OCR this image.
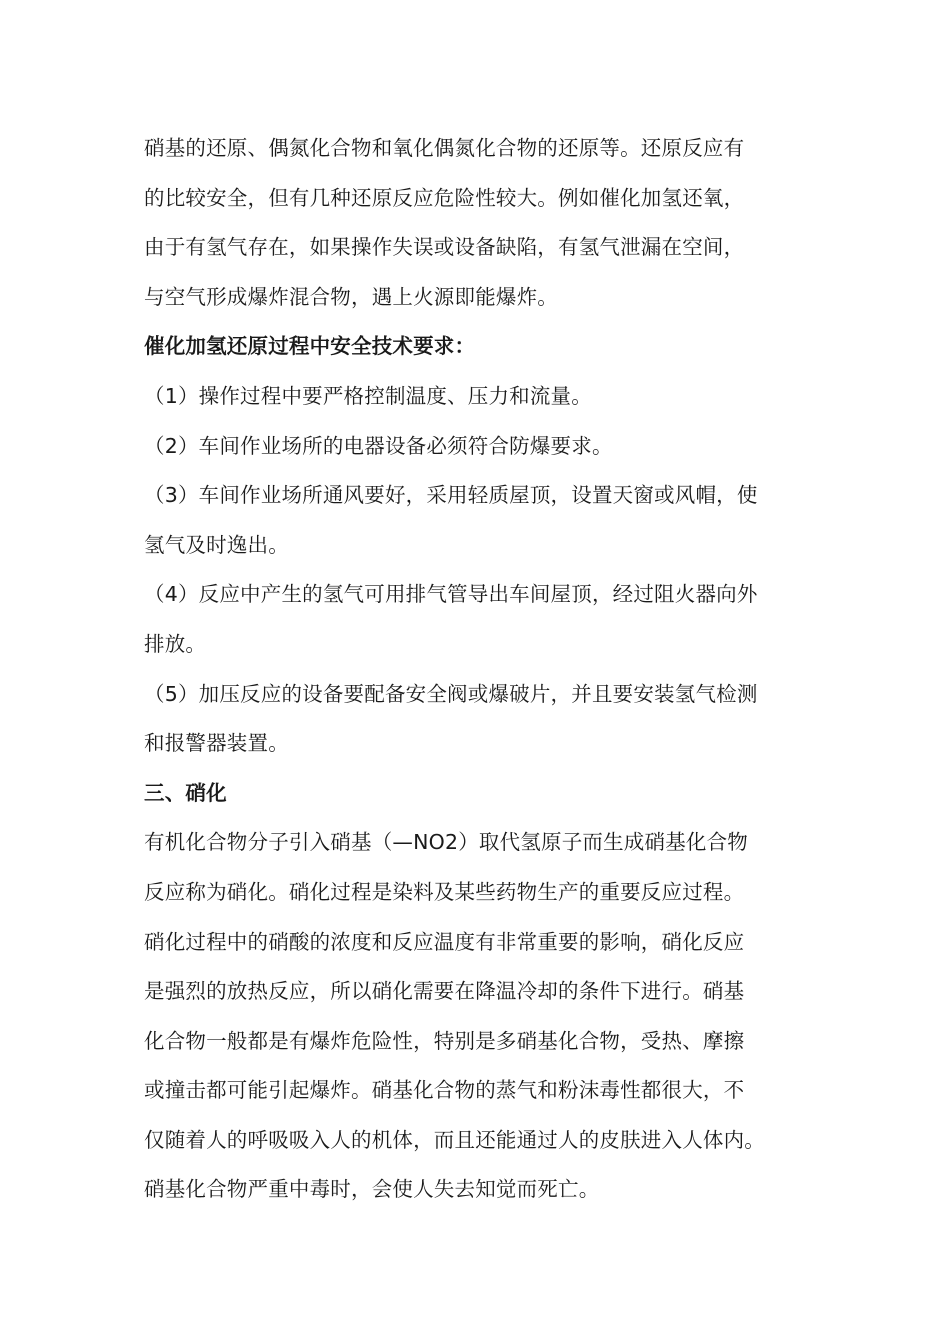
硝基的还原、偶氮化合物和氧化偶氮化合物的还原等。还原反应有

的比较安全，但有几种还原反应危险性较大。例如催化加氢还氧，

由于有氢气存在，如果操作失误或设备缺陷，有氢气泄漏在空间，

与空气形成爆炸混合物，遇上火源即能爆炸。

催化加氢还原过程中安全技术要求：

（1）操作过程中要严格控制温度、压力和流量。

（2）车间作业场所的电器设备必须符合防爆要求。

（3）车间作业场所通风要好，采用轻质屋顶，设置天窗或风帽，使

氢气及时逸出。

（4）反应中产生的氢气可用排气管导出车间屋顶，经过阻火器向外

排放。

（5）加压反应的设备要配备安全阀或爆破片，并且要安装氢气检测

和报警器装置。

三、硝化

有机化合物分子引入硝基（—NO2）取代氢原子而生成硝基化合物

反应称为硝化。硝化过程是染料及某些药物生产的重要反应过程。

硝化过程中的硝酸的浓度和反应温度有非常重要的影响，硝化反应

是强烈的放热反应，所以硝化需要在降温冷却的条件下进行。硝基

化合物一般都是有爆炸危险性，特别是多硝基化合物，受热、摩擦

或撞击都可能引起爆炸。硝基化合物的蒸气和粉沫毒性都很大，不

仅随着人的呼吸吸入人的机体，而且还能通过人的皮肤进入人体内。

硝基化合物严重中毒时，会使人失去知觉而死亡。
